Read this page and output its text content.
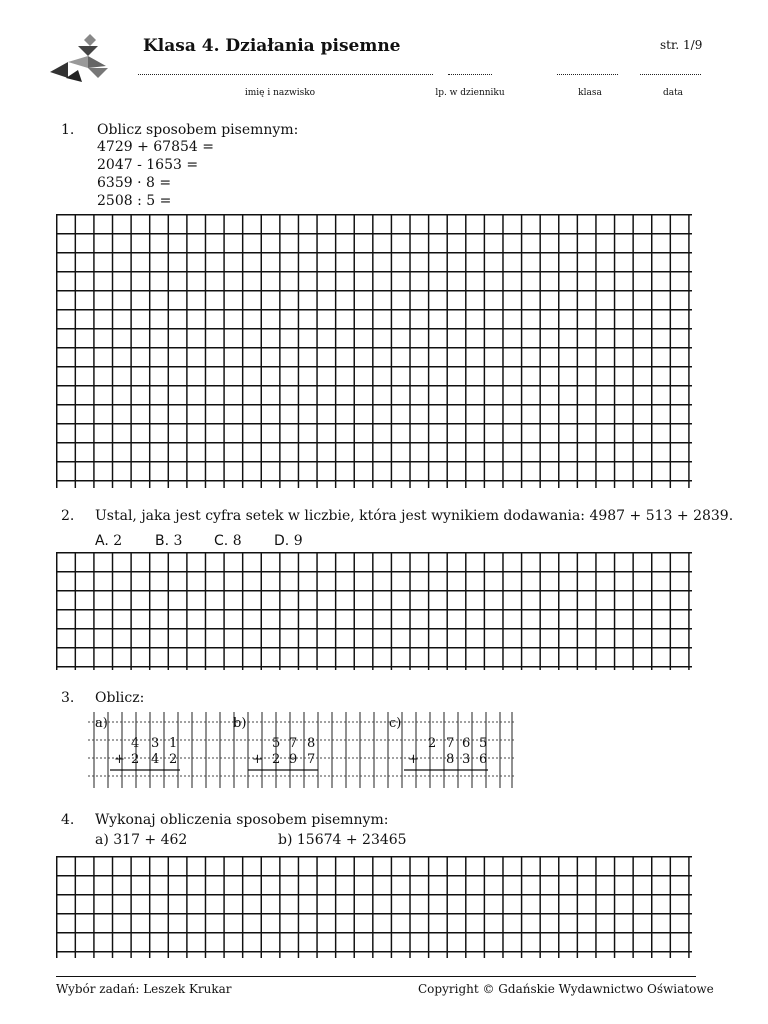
Klasa 4. Działania pisemne	str. 1/9
imię i nazwisko	lp. w dzienniku	klasa	data
1. Oblicz sposobem pisemnym:
4729 + 67854 =
2047 - 1653 =
6359 · 8 =
2508 : 5 =
2. Ustal, jaka jest cyfra setek w liczbie, która jest wynikiem dodawania: 4987 + 513 + 2839.
A. 2 B. 3 C. 8 D. 9
3. Oblicz:
a)
4 3 1
+ 2 4 2
b)
5 7 8
+ 2 9 7
c)
2 7 6 5
+ 8 3 6
4. Wykonaj obliczenia sposobem pisemnym:
a) 317 + 462	b) 15674 + 23465
Wybór zadań: Leszek Krukar	Copyright © Gdańskie Wydawnictwo Oświatowe
